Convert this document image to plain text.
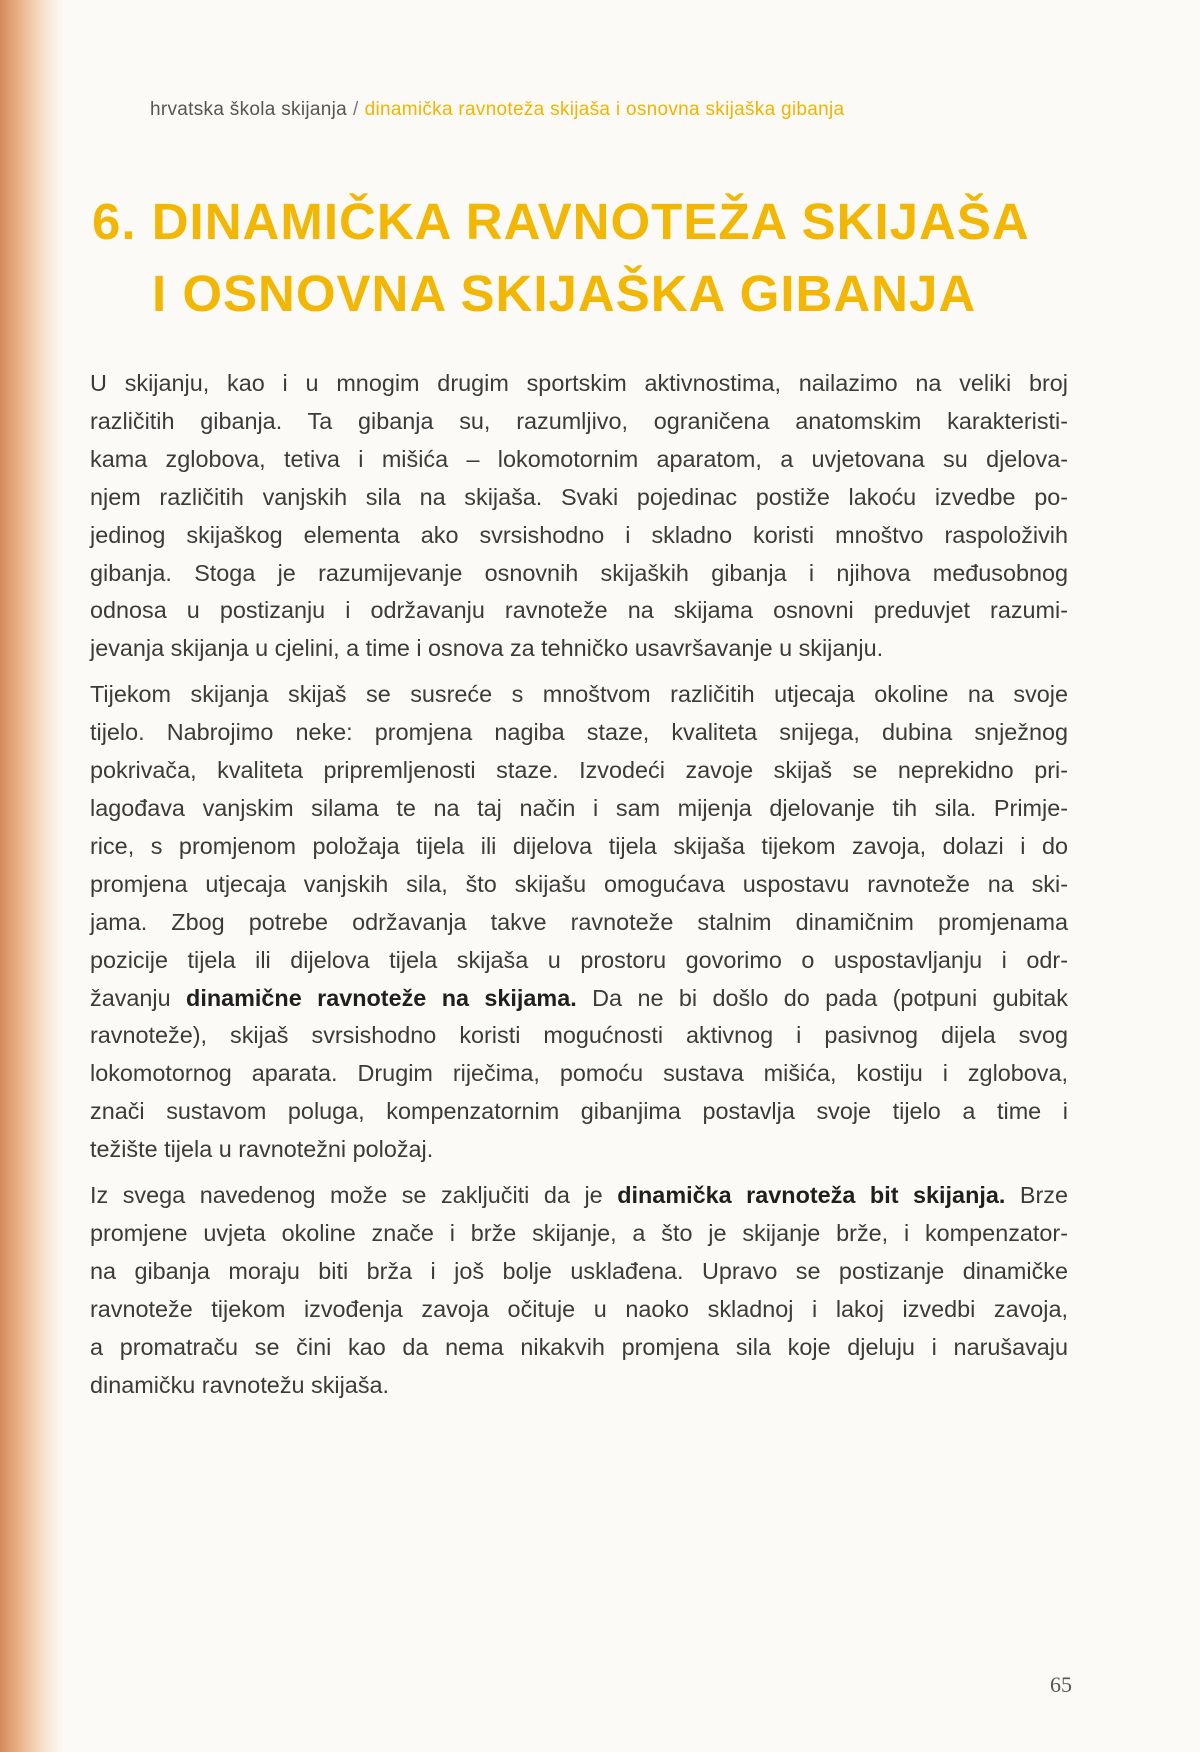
hrvatska škola skijanja / dinamička ravnoteža skijaša i osnovna skijaška gibanja
6. DINAMIČKA RAVNOTEŽA SKIJAŠA
I OSNOVNA SKIJAŠKA GIBANJA

U skijanju, kao i u mnogim drugim sportskim aktivnostima, nailazimo na veliki broj
različitih gibanja. Ta gibanja su, razumljivo, ograničena anatomskim karakteristi-
kama zglobova, tetiva i mišića – lokomotornim aparatom, a uvjetovana su djelova-
njem različitih vanjskih sila na skijaša. Svaki pojedinac postiže lakoću izvedbe po-
jedinog skijaškog elementa ako svrsishodno i skladno koristi mnoštvo raspoloživih
gibanja. Stoga je razumijevanje osnovnih skijaških gibanja i njihova međusobnog
odnosa u postizanju i održavanju ravnoteže na skijama osnovni preduvjet razumi-
jevanja skijanja u cjelini, a time i osnova za tehničko usavršavanje u skijanju.

Tijekom skijanja skijaš se susreće s mnoštvom različitih utjecaja okoline na svoje
tijelo. Nabrojimo neke: promjena nagiba staze, kvaliteta snijega, dubina snježnog
pokrivača, kvaliteta pripremljenosti staze. Izvodeći zavoje skijaš se neprekidno pri-
lagođava vanjskim silama te na taj način i sam mijenja djelovanje tih sila. Primje-
rice, s promjenom položaja tijela ili dijelova tijela skijaša tijekom zavoja, dolazi i do
promjena utjecaja vanjskih sila, što skijašu omogućava uspostavu ravnoteže na ski-
jama. Zbog potrebe održavanja takve ravnoteže stalnim dinamičnim promjenama
pozicije tijela ili dijelova tijela skijaša u prostoru govorimo o uspostavljanju i odr-
žavanju dinamične ravnoteže na skijama. Da ne bi došlo do pada (potpuni gubitak
ravnoteže), skijaš svrsishodno koristi mogućnosti aktivnog i pasivnog dijela svog
lokomotornog aparata. Drugim riječima, pomoću sustava mišića, kostiju i zglobova,
znači sustavom poluga, kompenzatornim gibanjima postavlja svoje tijelo a time i
težište tijela u ravnotežni položaj.

Iz svega navedenog može se zaključiti da je dinamička ravnoteža bit skijanja. Brze
promjene uvjeta okoline znače i brže skijanje, a što je skijanje brže, i kompenzator-
na gibanja moraju biti brža i još bolje usklađena. Upravo se postizanje dinamičke
ravnoteže tijekom izvođenja zavoja očituje u naoko skladnoj i lakoj izvedbi zavoja,
a promatraču se čini kao da nema nikakvih promjena sila koje djeluju i narušavaju
dinamičku ravnotežu skijaša.

65
